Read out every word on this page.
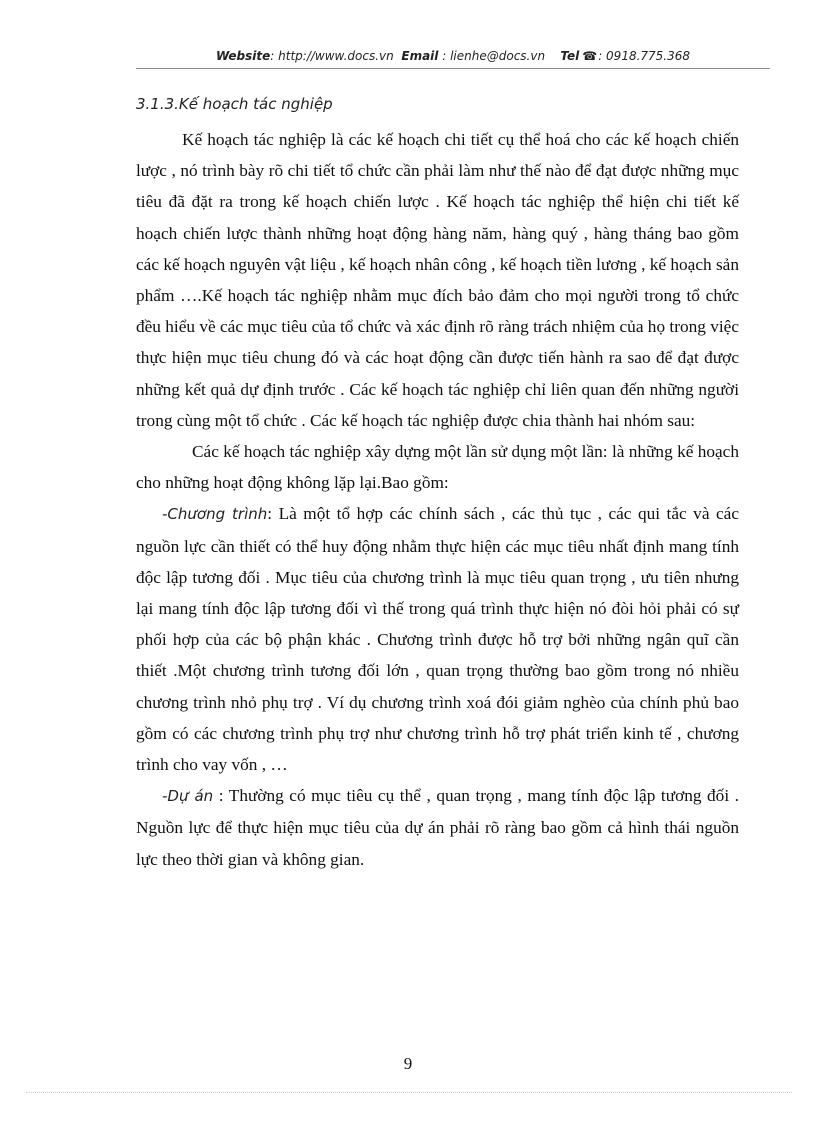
Website: http://www.docs.vn Email : lienhe@docs.vn Tel ☎: 0918.775.368
3.1.3.Kế hoạch tác nghiệp

Kế hoạch tác nghiệp là các kế hoạch chi tiết cụ thể hoá cho các kế hoạch chiến lược , nó trình bày rõ chi tiết tổ chức cần phải làm như thế nào để đạt được những mục tiêu đã đặt ra trong kế hoạch chiến lược . Kế hoạch tác nghiệp thể hiện chi tiết kế hoạch chiến lược thành những hoạt động hàng năm, hàng quý , hàng tháng bao gồm các kế hoạch nguyên vật liệu , kế hoạch nhân công , kế hoạch tiền lương , kế hoạch sản phẩm ….Kế hoạch tác nghiệp nhằm mục đích bảo đảm cho mọi người trong tổ chức đều hiểu về các mục tiêu của tổ chức và xác định rõ ràng trách nhiệm của họ trong việc thực hiện mục tiêu chung đó và các hoạt động cần được tiến hành ra sao để đạt được những kết quả dự định trước . Các kế hoạch tác nghiệp chỉ liên quan đến những người trong cùng một tổ chức . Các kế hoạch tác nghiệp được chia thành hai nhóm sau:

Các kế hoạch tác nghiệp xây dựng một lần sử dụng một lần: là những kế hoạch cho những hoạt động không lặp lại.Bao gồm:

-Chương trình: Là một tổ hợp các chính sách , các thủ tục , các qui tắc và các nguồn lực cần thiết có thể huy động nhằm thực hiện các mục tiêu nhất định mang tính độc lập tương đối . Mục tiêu của chương trình là mục tiêu quan trọng , ưu tiên nhưng lại mang tính độc lập tương đối vì thế trong quá trình thực hiện nó đòi hỏi phải có sự phối hợp của các bộ phận khác . Chương trình được hỗ trợ bởi những ngân quĩ cần thiết .Một chương trình tương đối lớn , quan trọng thường bao gồm trong nó nhiều chương trình nhỏ phụ trợ . Ví dụ chương trình xoá đói giảm nghèo của chính phủ bao gồm có các chương trình phụ trợ như chương trình hỗ trợ phát triển kinh tế , chương trình cho vay vốn , …

-Dự án : Thường có mục tiêu cụ thể , quan trọng , mang tính độc lập tương đối . Nguồn lực để thực hiện mục tiêu của dự án phải rõ ràng bao gồm cả hình thái nguồn lực theo thời gian và không gian.

9
